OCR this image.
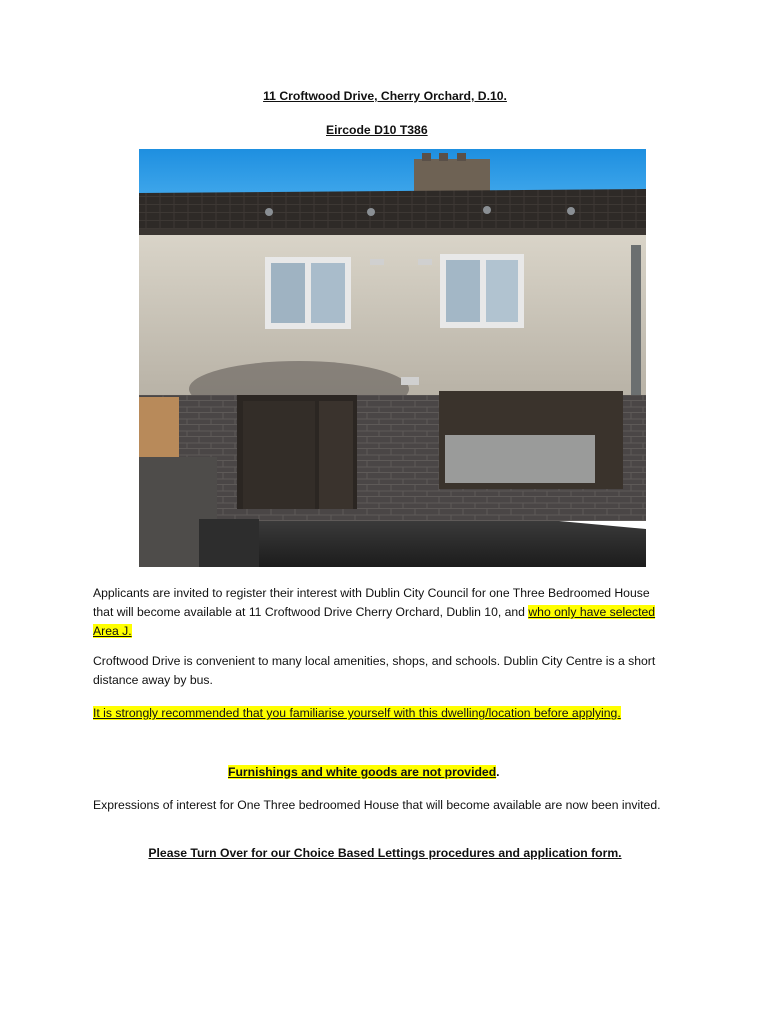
11 Croftwood Drive, Cherry Orchard, D.10.
Eircode D10 T386
Applicants are invited to register their interest with Dublin City Council for one Three Bedroomed House that will become available at 11 Croftwood Drive Cherry Orchard, Dublin 10, and who only have selected Area J.
Croftwood Drive is convenient to many local amenities, shops, and schools. Dublin City Centre is a short distance away by bus.
It is strongly recommended that you familiarise yourself with this dwelling/location before applying.
Furnishings and white goods are not provided.
Expressions of interest for One Three bedroomed House that will become available are now been invited.
Please Turn Over for our Choice Based Lettings procedures and application form.
